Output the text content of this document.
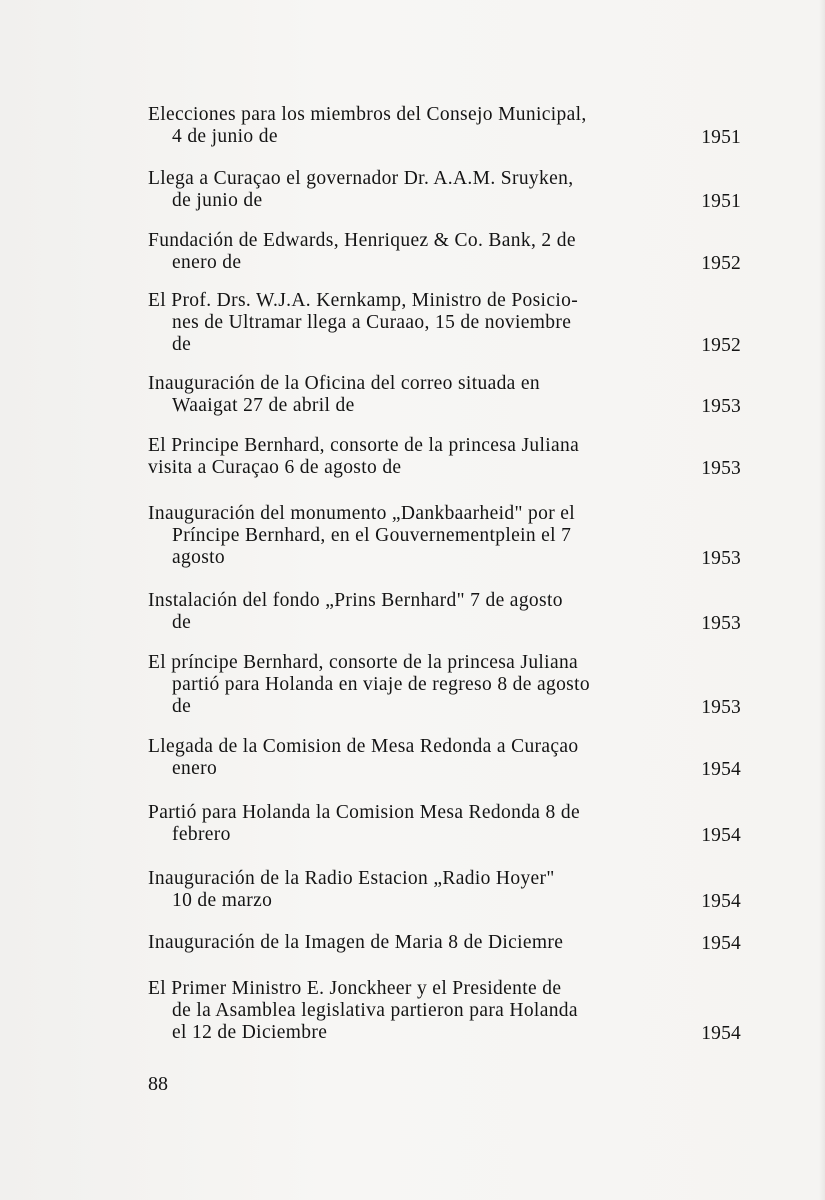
Elecciones para los miembros del Consejo Municipal,
4 de junio de	1951
Llega a Curaçao el governador Dr. A.A.M. Sruyken,
de junio de	1951
Fundación de Edwards, Henriquez & Co. Bank, 2 de
enero de	1952
El Prof. Drs. W.J.A. Kernkamp, Ministro de Posicio-
nes de Ultramar llega a Curaao, 15 de noviembre
de	1952
Inauguración de la Oficina del correo situada en
Waaigat 27 de abril de	1953
El Principe Bernhard, consorte de la princesa Juliana
visita a Curaçao 6 de agosto de	1953
Inauguración del monumento „Dankbaarheid" por el
Príncipe Bernhard, en el Gouvernementplein el 7
agosto	1953
Instalación del fondo „Prins Bernhard" 7 de agosto
de	1953
El príncipe Bernhard, consorte de la princesa Juliana
partió para Holanda en viaje de regreso 8 de agosto
de	1953
Llegada de la Comision de Mesa Redonda a Curaçao
enero	1954
Partió para Holanda la Comision Mesa Redonda 8 de
febrero	1954
Inauguración de la Radio Estacion „Radio Hoyer"
10 de marzo	1954
Inauguración de la Imagen de Maria 8 de Diciemre	1954
El Primer Ministro E. Jonckheer y el Presidente de
de la Asamblea legislativa partieron para Holanda
el 12 de Diciembre	1954
88
